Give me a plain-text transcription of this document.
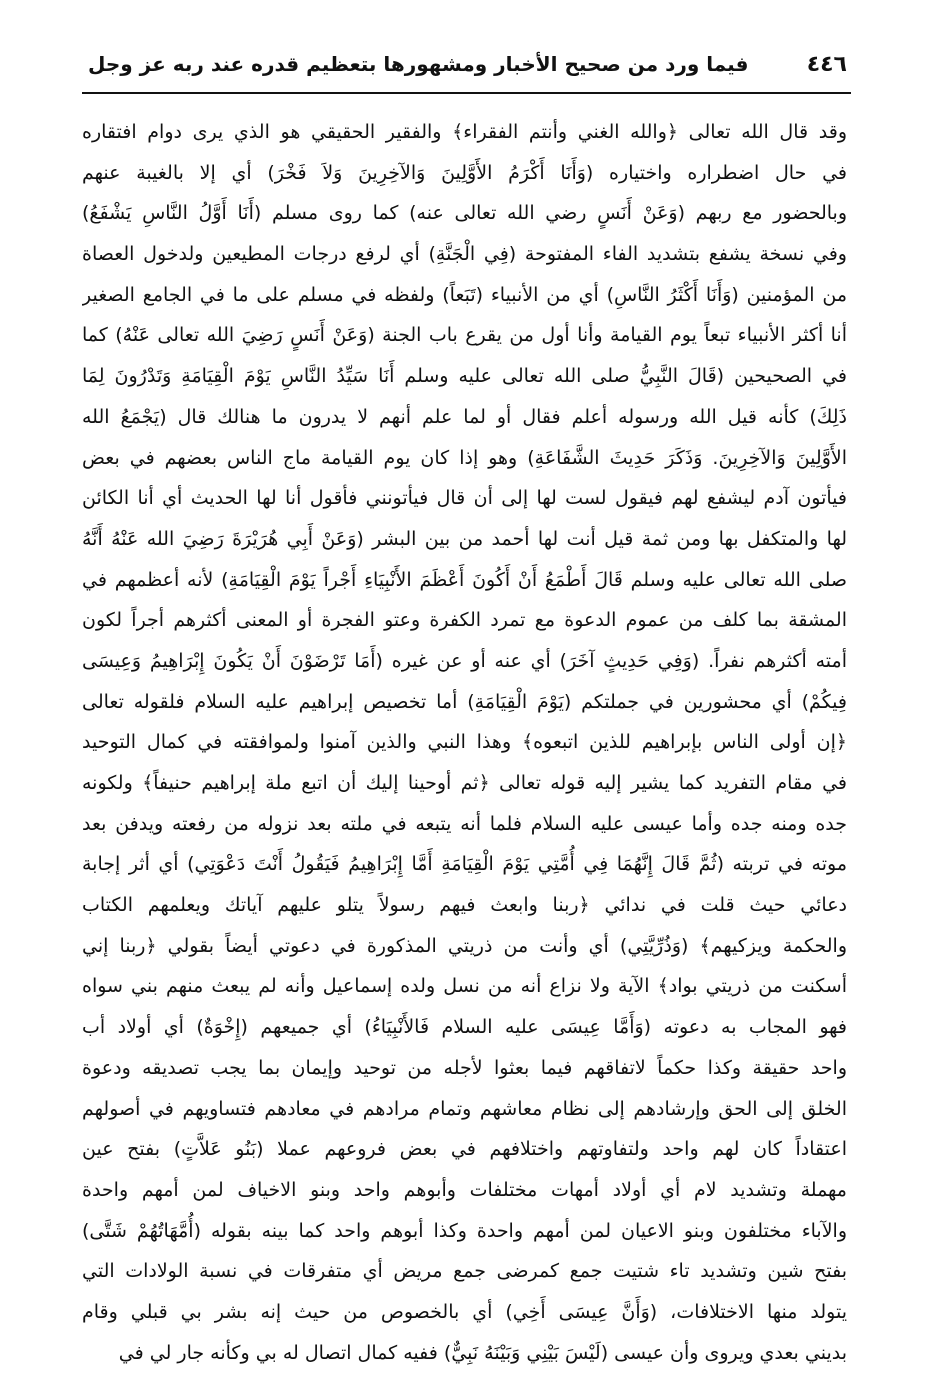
٤٤٦
فيما ورد من صحيح الأخبار ومشهورها بتعظيم قدره عند ربه عز وجل
وقد قال الله تعالى ﴿والله الغني وأنتم الفقراء﴾ والفقير الحقيقي هو الذي يرى دوام افتقاره
في حال اضطراره واختياره (وَأَنَا أَكْرَمُ الأَوَّلِينَ وَالآخِرِينَ وَلاَ فَخْرَ) أي إلا بالغيبة عنهم
وبالحضور مع ربهم (وَعَنْ أَنَسٍ رضي الله تعالى عنه) كما روى مسلم (أَنَا أَوَّلُ النَّاسِ يَشْفَعُ)
وفي نسخة يشفع بتشديد الفاء المفتوحة (فِي الْجَنَّةِ) أي لرفع درجات المطيعين ولدخول العصاة
من المؤمنين (وَأَنَا أَكْثَرُ النَّاسِ) أي من الأنبياء (تَبَعاً) ولفظه في مسلم على ما في الجامع الصغير
أنا أكثر الأنبياء تبعاً يوم القيامة وأنا أول من يقرع باب الجنة (وَعَنْ أَنَسٍ رَضِيَ الله تعالى عَنْهُ) كما
في الصحيحين (قَالَ النَّبِيُّ صلى الله تعالى عليه وسلم أَنَا سَيِّدُ النَّاسِ يَوْمَ الْقِيَامَةِ وَتَدْرُونَ لِمَا
ذَلِكَ) كأنه قيل الله ورسوله أعلم فقال أو لما علم أنهم لا يدرون ما هنالك قال (يَجْمَعُ الله
الأَوَّلِينَ وَالآخِرِينَ. وَذَكَرَ حَدِيثَ الشَّفَاعَةِ) وهو إذا كان يوم القيامة ماج الناس بعضهم في بعض
فيأتون آدم ليشفع لهم فيقول لست لها إلى أن قال فيأتونني فأقول أنا لها الحديث أي أنا الكائن
لها والمتكفل بها ومن ثمة قيل أنت لها أحمد من بين البشر (وَعَنْ أَبِي هُرَيْرَةَ رَضِيَ الله عَنْهُ أَنَّهُ
صلى الله تعالى عليه وسلم قَالَ أَطْمَعُ أَنْ أَكُونَ أَعْظَمَ الأَنْبِيَاءِ أَجْراً يَوْمَ الْقِيَامَةِ) لأنه أعظمهم في
المشقة بما كلف من عموم الدعوة مع تمرد الكفرة وعتو الفجرة أو المعنى أكثرهم أجراً لكون
أمته أكثرهم نفراً. (وَفِي حَدِيثٍ آخَرَ) أي عنه أو عن غيره (أَمَا تَرْضَوْنَ أَنْ يَكُونَ إِبْرَاهِيمُ وَعِيسَى
فِيكُمْ) أي محشورين في جملتكم (يَوْمَ الْقِيَامَةِ) أما تخصيص إبراهيم عليه السلام فلقوله تعالى
﴿إن أولى الناس بإبراهيم للذين اتبعوه﴾ وهذا النبي والذين آمنوا ولموافقته في كمال التوحيد
في مقام التفريد كما يشير إليه قوله تعالى ﴿ثم أوحينا إليك أن اتبع ملة إبراهيم حنيفاً﴾ ولكونه
جده ومنه جده وأما عيسى عليه السلام فلما أنه يتبعه في ملته بعد نزوله من رفعته ويدفن بعد
موته في تربته (ثُمَّ قَالَ إِنَّهُمَا فِي أُمَّتِي يَوْمَ الْقِيَامَةِ أَمَّا إِبْرَاهِيمُ فَيَقُولُ أَنْتَ دَعْوَتِي) أي أثر إجابة
دعائي حيث قلت في ندائي ﴿ربنا وابعث فيهم رسولاً يتلو عليهم آياتك ويعلمهم الكتاب
والحكمة ويزكيهم﴾ (وَذُرِّيَّتِي) أي وأنت من ذريتي المذكورة في دعوتي أيضاً بقولي ﴿ربنا إني
أسكنت من ذريتي بواد﴾ الآية ولا نزاع أنه من نسل ولده إسماعيل وأنه لم يبعث منهم بني سواه
فهو المجاب به دعوته (وَأَمَّا عِيسَى عليه السلام فَالأَنْبِيَاءُ) أي جميعهم (إِخْوَةٌ) أي أولاد أب
واحد حقيقة وكذا حكماً لاتفاقهم فيما بعثوا لأجله من توحيد وإيمان بما يجب تصديقه ودعوة
الخلق إلى الحق وإرشادهم إلى نظام معاشهم وتمام مرادهم في معادهم فتساويهم في أصولهم
اعتقاداً كان لهم واحد ولتفاوتهم واختلافهم في بعض فروعهم عملا (بَنُو عَلاَّتٍ) بفتح عين
مهملة وتشديد لام أي أولاد أمهات مختلفات وأبوهم واحد وبنو الاخياف لمن أمهم واحدة
والآباء مختلفون وبنو الاعيان لمن أمهم واحدة وكذا أبوهم واحد كما بينه بقوله (أُمَّهَاتُهُمْ شَتَّى)
بفتح شين وتشديد تاء شتيت جمع كمرضى جمع مريض أي متفرقات في نسبة الولادات التي
يتولد منها الاختلافات، (وَأَنَّ عِيسَى أَخِي) أي بالخصوص من حيث إنه بشر بي قبلي وقام
بديني بعدي ويروى وأن عيسى (لَيْسَ بَيْنِي وَبَيْنَهُ نَبِيٌّ) ففيه كمال اتصال له بي وكأنه جار لي في
